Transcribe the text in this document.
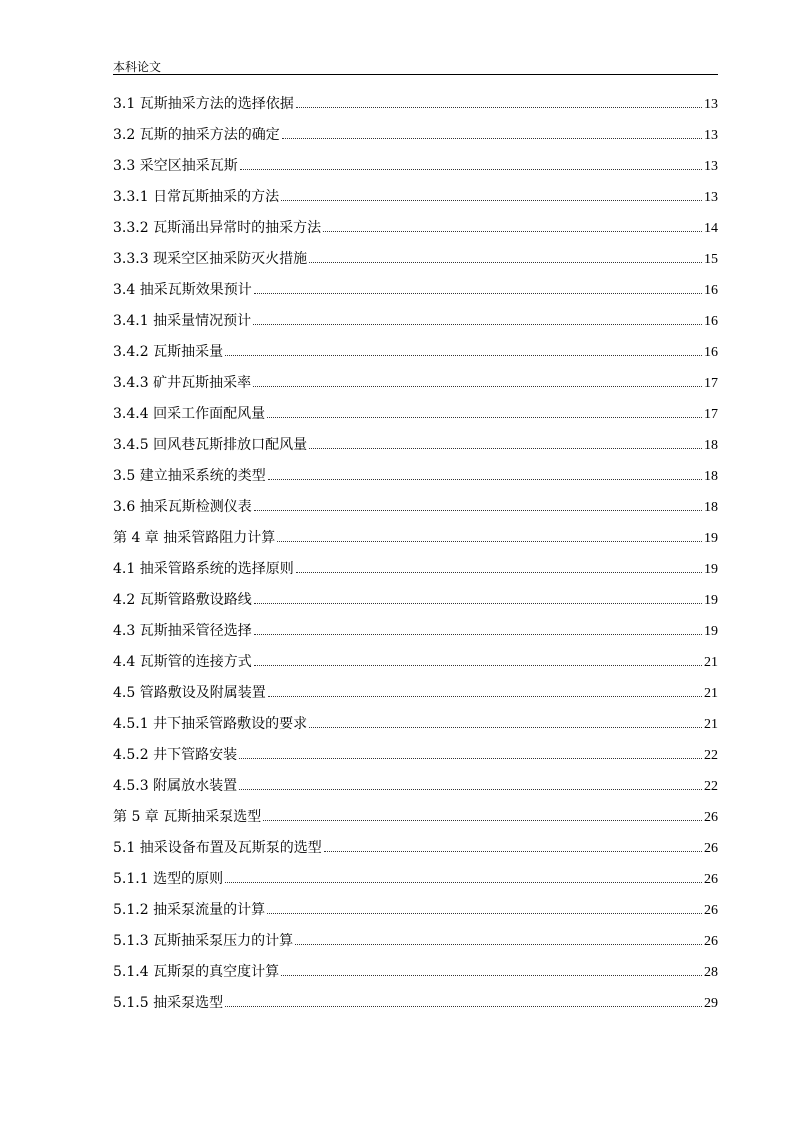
本科论文
3.1 瓦斯抽采方法的选择依据	13
3.2 瓦斯的抽采方法的确定	13
3.3 采空区抽采瓦斯	13
3.3.1 日常瓦斯抽采的方法	13
3.3.2 瓦斯涌出异常时的抽采方法	14
3.3.3 现采空区抽采防灭火措施	15
3.4 抽采瓦斯效果预计	16
3.4.1 抽采量情况预计	16
3.4.2 瓦斯抽采量	16
3.4.3 矿井瓦斯抽采率	17
3.4.4 回采工作面配风量	17
3.4.5 回风巷瓦斯排放口配风量	18
3.5 建立抽采系统的类型	18
3.6 抽采瓦斯检测仪表	18
第 4 章 抽采管路阻力计算	19
4.1 抽采管路系统的选择原则	19
4.2 瓦斯管路敷设路线	19
4.3 瓦斯抽采管径选择	19
4.4 瓦斯管的连接方式	21
4.5 管路敷设及附属装置	21
4.5.1 井下抽采管路敷设的要求	21
4.5.2 井下管路安装	22
4.5.3 附属放水装置	22
第 5 章 瓦斯抽采泵选型	26
5.1 抽采设备布置及瓦斯泵的选型	26
5.1.1 选型的原则	26
5.1.2 抽采泵流量的计算	26
5.1.3 瓦斯抽采泵压力的计算	26
5.1.4 瓦斯泵的真空度计算	28
5.1.5 抽采泵选型	29
